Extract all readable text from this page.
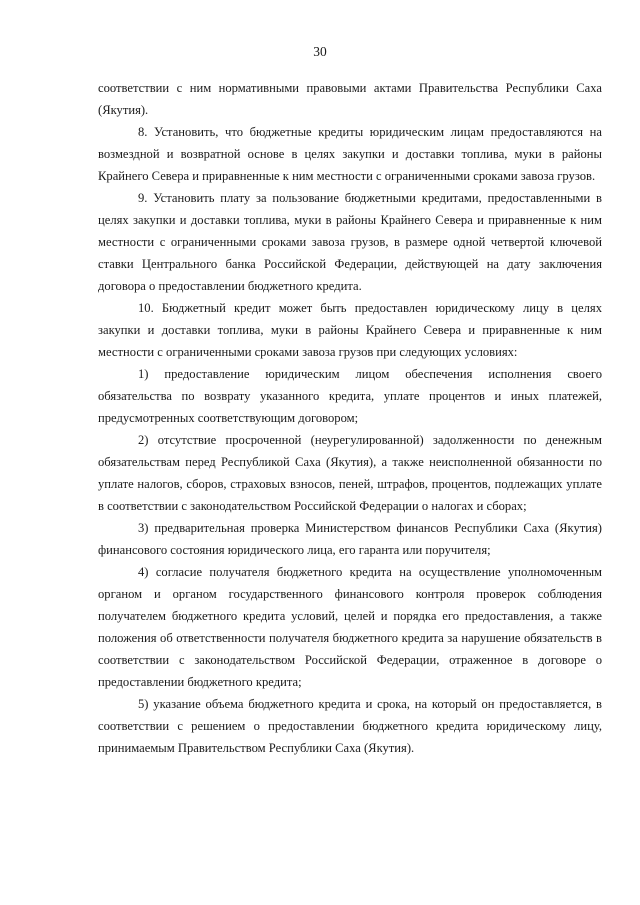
30

соответствии с ним нормативными правовыми актами Правительства Республики Саха (Якутия).

8. Установить, что бюджетные кредиты юридическим лицам предоставляются на возмездной и возвратной основе в целях закупки и доставки топлива, муки в районы Крайнего Севера и приравненные к ним местности с ограниченными сроками завоза грузов.

9. Установить плату за пользование бюджетными кредитами, предоставленными в целях закупки и доставки топлива, муки в районы Крайнего Севера и приравненные к ним местности с ограниченными сроками завоза грузов, в размере одной четвертой ключевой ставки Центрального банка Российской Федерации, действующей на дату заключения договора о предоставлении бюджетного кредита.

10. Бюджетный кредит может быть предоставлен юридическому лицу в целях закупки и доставки топлива, муки в районы Крайнего Севера и приравненные к ним местности с ограниченными сроками завоза грузов при следующих условиях:

1) предоставление юридическим лицом обеспечения исполнения своего обязательства по возврату указанного кредита, уплате процентов и иных платежей, предусмотренных соответствующим договором;

2) отсутствие просроченной (неурегулированной) задолженности по денежным обязательствам перед Республикой Саха (Якутия), а также неисполненной обязанности по уплате налогов, сборов, страховых взносов, пеней, штрафов, процентов, подлежащих уплате в соответствии с законодательством Российской Федерации о налогах и сборах;

3) предварительная проверка Министерством финансов Республики Саха (Якутия) финансового состояния юридического лица, его гаранта или поручителя;

4) согласие получателя бюджетного кредита на осуществление уполномоченным органом и органом государственного финансового контроля проверок соблюдения получателем бюджетного кредита условий, целей и порядка его предоставления, а также положения об ответственности получателя бюджетного кредита за нарушение обязательств в соответствии с законодательством Российской Федерации, отраженное в договоре о предоставлении бюджетного кредита;

5) указание объема бюджетного кредита и срока, на который он предоставляется, в соответствии с решением о предоставлении бюджетного кредита юридическому лицу, принимаемым Правительством Республики Саха (Якутия).
